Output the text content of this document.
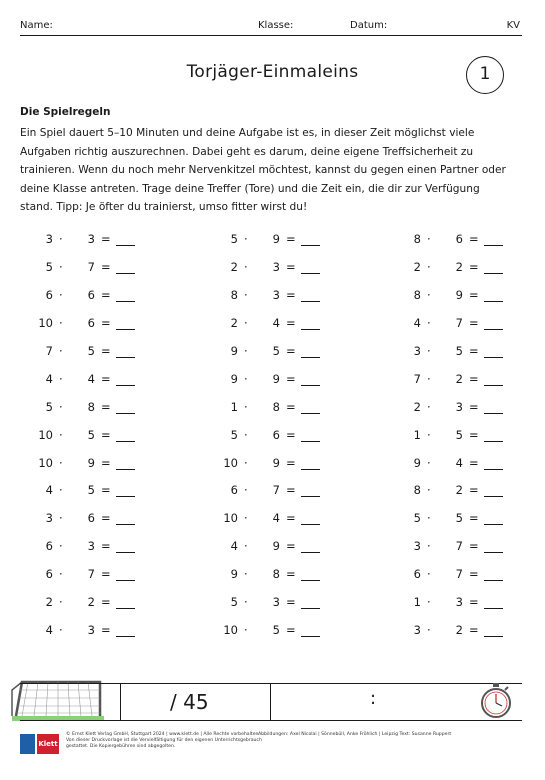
Name:	Klasse:	Datum:	KV
Torjäger-Einmaleins	1
Die Spielregeln
Ein Spiel dauert 5–10 Minuten und deine Aufgabe ist es, in dieser Zeit möglichst viele Aufgaben richtig auszurechnen. Dabei geht es darum, deine eigene Treffsicherheit zu trainieren. Wenn du noch mehr Nervenkitzel möchtest, kannst du gegen einen Partner oder deine Klasse antreten. Trage deine Treffer (Tore) und die Zeit ein, die dir zur Verfügung stand. Tipp: Je öfter du trainierst, umso fitter wirst du!
3 ·	3 =
5 ·	7 =
6 ·	6 =
10 ·	6 =
7 ·	5 =
4 ·	4 =
5 ·	8 =
10 ·	5 =
10 ·	9 =
4 ·	5 =
3 ·	6 =
6 ·	3 =
6 ·	7 =
2 ·	2 =
4 ·	3 =
5 ·	9 =
2 ·	3 =
8 ·	3 =
2 ·	4 =
9 ·	5 =
9 ·	9 =
1 ·	8 =
5 ·	6 =
10 ·	9 =
6 ·	7 =
10 ·	4 =
4 ·	9 =
9 ·	8 =
5 ·	3 =
10 ·	5 =
8 ·	6 =
2 ·	2 =
8 ·	9 =
4 ·	7 =
3 ·	5 =
7 ·	2 =
2 ·	3 =
1 ·	5 =
9 ·	4 =
8 ·	2 =
5 ·	5 =
3 ·	7 =
6 ·	7 =
1 ·	3 =
3 ·	2 =
/ 45	:
Klett
© Ernst Klett Verlag GmbH, Stuttgart 2024 | www.klett.de | Alle Rechte vorbehalten. Von dieser Druckvorlage ist die Vervielfältigung für den eigenen Unterrichtsgebrauch gestattet. Die Kopiergebühren sind abgegolten.
Abbildungen: Axel Nicolai | Sönnebüll, Anke Fröhlich | Leipzig Text: Susanne Ruppert
